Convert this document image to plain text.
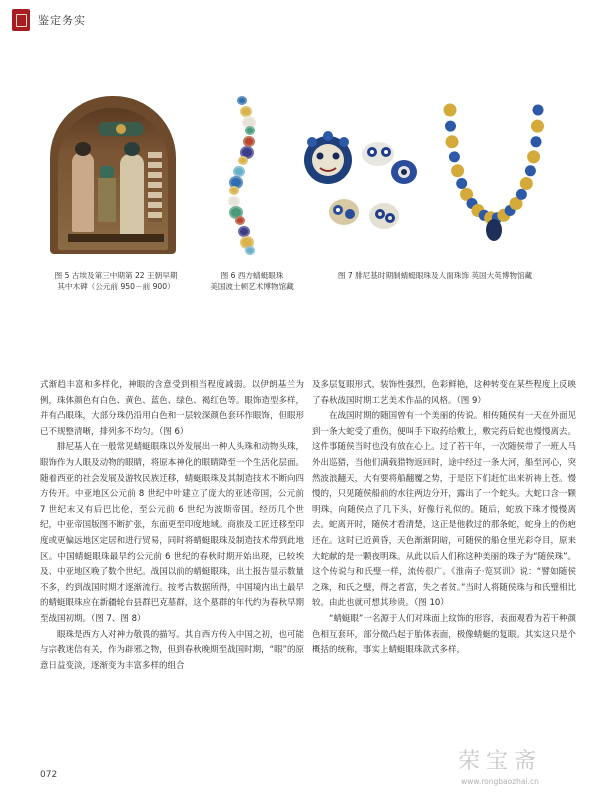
鉴定务实
图 5 古埃及第三中期第 22 王朝早期
其中木碑（公元前 950－前 900）
图 6 西方蜻蜓眼珠
美国波士顿艺术博物馆藏
图 7 腓尼基时期制蜻蜓眼珠及人面珠饰 英国大英博物馆藏

式渐趋丰富和多样化，神眼的含意受到相当程度减弱。以伊朗基兰为例，珠体颜色有白色、黄色、蓝色、绿色、褐红色等。眼饰造型多样，并有凸眼珠，大部分珠仍沿用白色和一层较深颜色套环作眼饰，但眼形已不规整清晰，排列多不均匀。（图 6）

腓尼基人在一般常见蜻蜓眼珠以外发展出一种人头珠和动物头珠，眼饰作为人眼及动物的眼睛，将原本神化的眼睛降至一个生活化层面。随着西亚的社会发展及游牧民族迁移，蜻蜓眼珠及其制造技术不断向四方传开。中亚地区公元前 8 世纪中叶建立了庞大的亚述帝国，公元前 7 世纪末又有后巴比伦，至公元前 6 世纪为波斯帝国。经历几个世纪，中亚帝国版图不断扩张，东面更至印度地域。商旅及工匠迁移至印度或更偏远地区定居和进行贸易，同时将蜻蜓眼珠及制造技术带到此地区。中国蜻蜓眼珠最早约公元前 6 世纪的春秋时期开始出现，已较埃及、中亚地区晚了数个世纪。战国以前的蜻蜓眼珠，出土报告显示数量不多，约到战国时期才逐渐流行。按考古数据所得，中国境内出土最早的蜻蜓眼珠应在新疆轮台县群巴克墓群，这个墓群的年代约为春秋早期至战国初期。（图 7、图 8）

眼珠是西方人对神力敬畏的描写。其自西方传入中国之初，也可能与宗教迷信有关，作为辟邪之物，但到春秋晚期至战国时期，“眼”的原意日益变淡，逐渐变为丰富多样的组合

及多层复眼形式，装饰性强烈，色彩鲜艳，这种转变在某些程度上反映了春秋战国时期工艺美术作品的风格。（图 9）

在战国时期的随国曾有一个美丽的传说。相传随侯有一天在外面见到一条大蛇受了重伤，便叫手下取药给敷上，敷完药后蛇也慢慢离去。这件事随侯当时也没有放在心上。过了若干年，一次随侯带了一班人马外出巡猎，当他们满载猎物返回时，途中经过一条大河，船至河心，突然波浪翻天，大有要将船翻覆之势，于是臣下们赶忙出来祈祷上苍。慢慢的，只见随侯船前的水往两边分开，露出了一个蛇头。大蛇口含一颗明珠，向随侯点了几下头，好像行礼似的。随后，蛇放下珠才慢慢离去。蛇离开时，随侯才看清楚，这正是他救过的那条蛇，蛇身上的伤疤还在。这时已近黄昏，天色渐渐阴暗，可随侯的船仓里光彩夺目，原来大蛇献的是一颗夜明珠。从此以后人们称这种美丽的珠子为“随侯珠”。这个传说与和氏璧一样，流传很广。《淮南子·览冥训》说：“譬如随侯之珠，和氏之璧，得之者富，失之者贫。”当时人将随侯珠与和氏璧相比较。由此也就可想其珍贵。（图 10）

“蜻蜓眼”一名源于人们对珠面上纹饰的形容，表面观看为若干种颜色相互套环，部分微凸起于胎体表面，极像蜻蜓的复眼。其实这只是个概括的统称，事实上蜻蜓眼珠款式多样，

072
荣宝斋
www.rongbaozhai.cn
